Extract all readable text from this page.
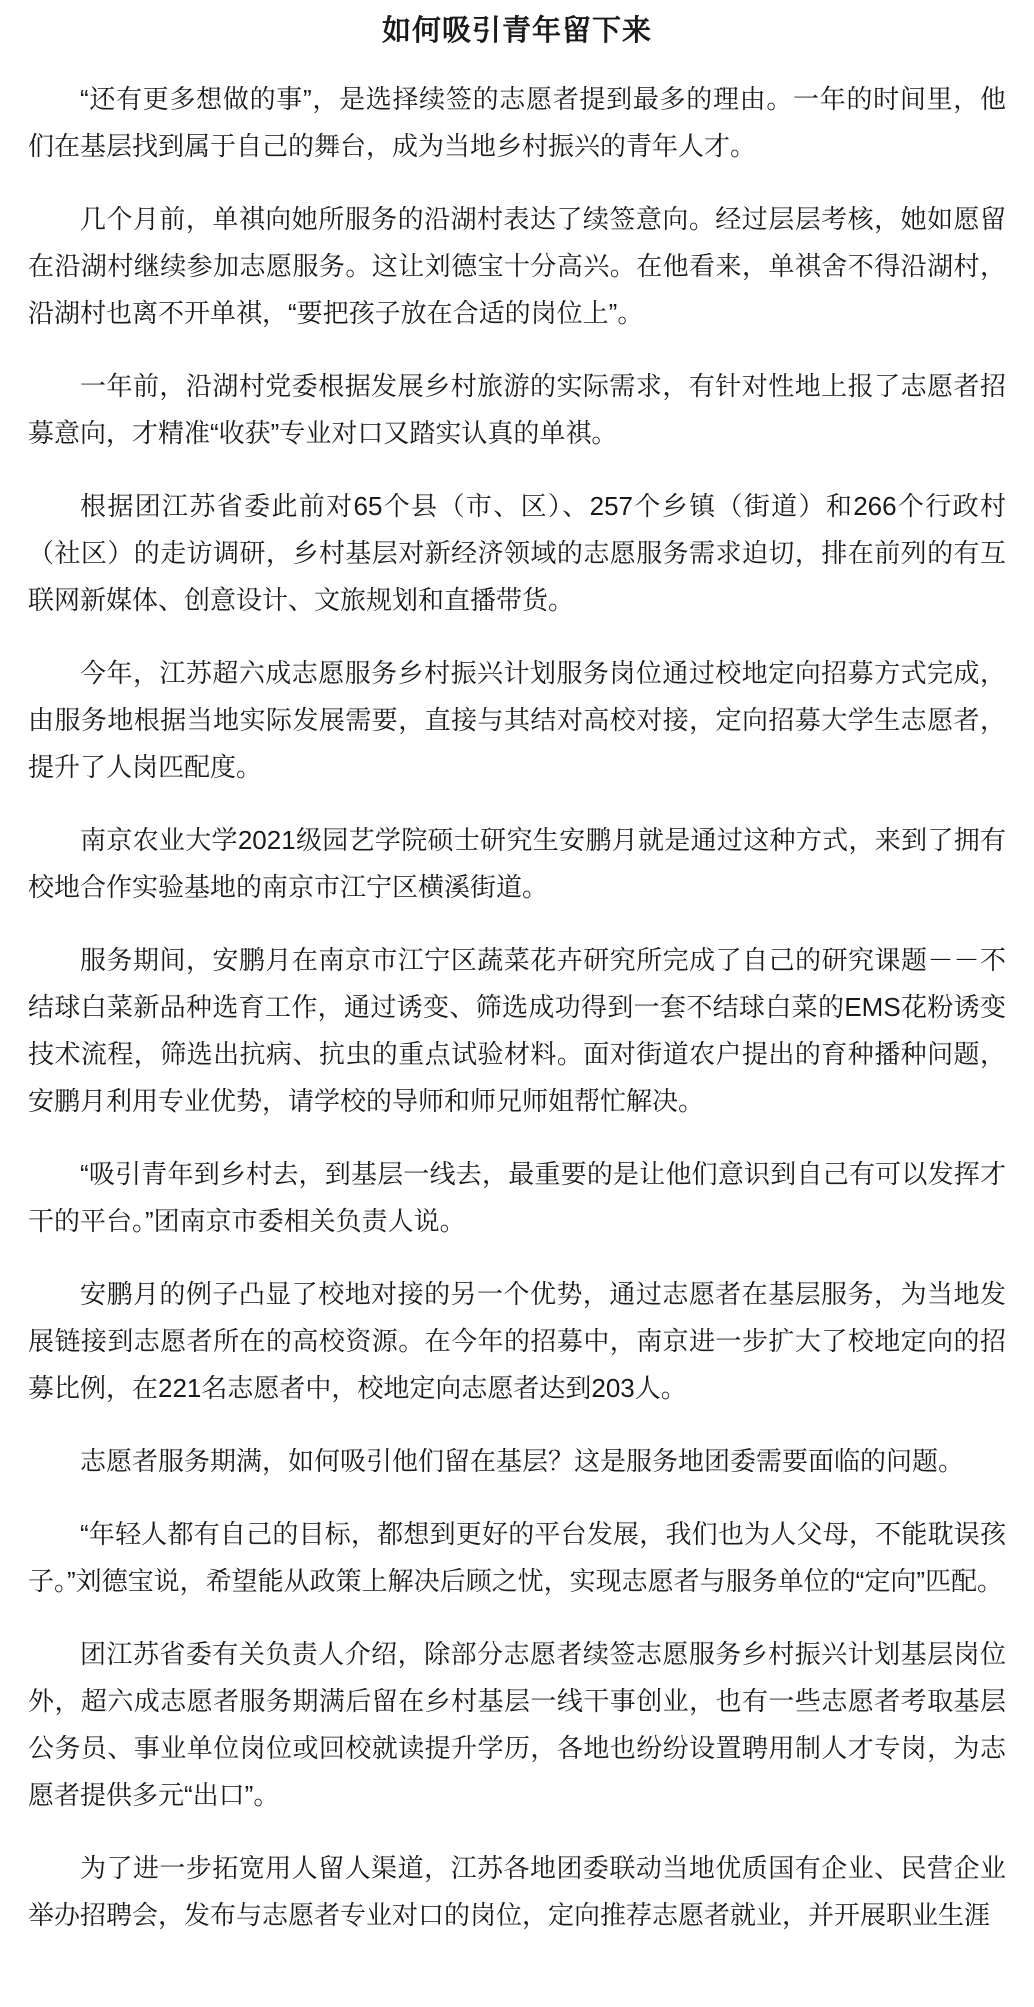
如何吸引青年留下来

“还有更多想做的事”，是选择续签的志愿者提到最多的理由。一年的时间里，他们在基层找到属于自己的舞台，成为当地乡村振兴的青年人才。

几个月前，单祺向她所服务的沿湖村表达了续签意向。经过层层考核，她如愿留在沿湖村继续参加志愿服务。这让刘德宝十分高兴。在他看来，单祺舍不得沿湖村，沿湖村也离不开单祺，“要把孩子放在合适的岗位上”。

一年前，沿湖村党委根据发展乡村旅游的实际需求，有针对性地上报了志愿者招募意向，才精准“收获”专业对口又踏实认真的单祺。

根据团江苏省委此前对65个县（市、区）、257个乡镇（街道）和266个行政村（社区）的走访调研，乡村基层对新经济领域的志愿服务需求迫切，排在前列的有互联网新媒体、创意设计、文旅规划和直播带货。

今年，江苏超六成志愿服务乡村振兴计划服务岗位通过校地定向招募方式完成，由服务地根据当地实际发展需要，直接与其结对高校对接，定向招募大学生志愿者，提升了人岗匹配度。

南京农业大学2021级园艺学院硕士研究生安鹏月就是通过这种方式，来到了拥有校地合作实验基地的南京市江宁区横溪街道。

服务期间，安鹏月在南京市江宁区蔬菜花卉研究所完成了自己的研究课题－－不结球白菜新品种选育工作，通过诱变、筛选成功得到一套不结球白菜的EMS花粉诱变技术流程，筛选出抗病、抗虫的重点试验材料。面对街道农户提出的育种播种问题，安鹏月利用专业优势，请学校的导师和师兄师姐帮忙解决。

“吸引青年到乡村去，到基层一线去，最重要的是让他们意识到自己有可以发挥才干的平台。”团南京市委相关负责人说。

安鹏月的例子凸显了校地对接的另一个优势，通过志愿者在基层服务，为当地发展链接到志愿者所在的高校资源。在今年的招募中，南京进一步扩大了校地定向的招募比例，在221名志愿者中，校地定向志愿者达到203人。

志愿者服务期满，如何吸引他们留在基层？这是服务地团委需要面临的问题。

“年轻人都有自己的目标，都想到更好的平台发展，我们也为人父母，不能耽误孩子。”刘德宝说，希望能从政策上解决后顾之忧，实现志愿者与服务单位的“定向”匹配。

团江苏省委有关负责人介绍，除部分志愿者续签志愿服务乡村振兴计划基层岗位外，超六成志愿者服务期满后留在乡村基层一线干事创业，也有一些志愿者考取基层公务员、事业单位岗位或回校就读提升学历，各地也纷纷设置聘用制人才专岗，为志愿者提供多元“出口”。

为了进一步拓宽用人留人渠道，江苏各地团委联动当地优质国有企业、民营企业举办招聘会，发布与志愿者专业对口的岗位，定向推荐志愿者就业，并开展职业生涯
